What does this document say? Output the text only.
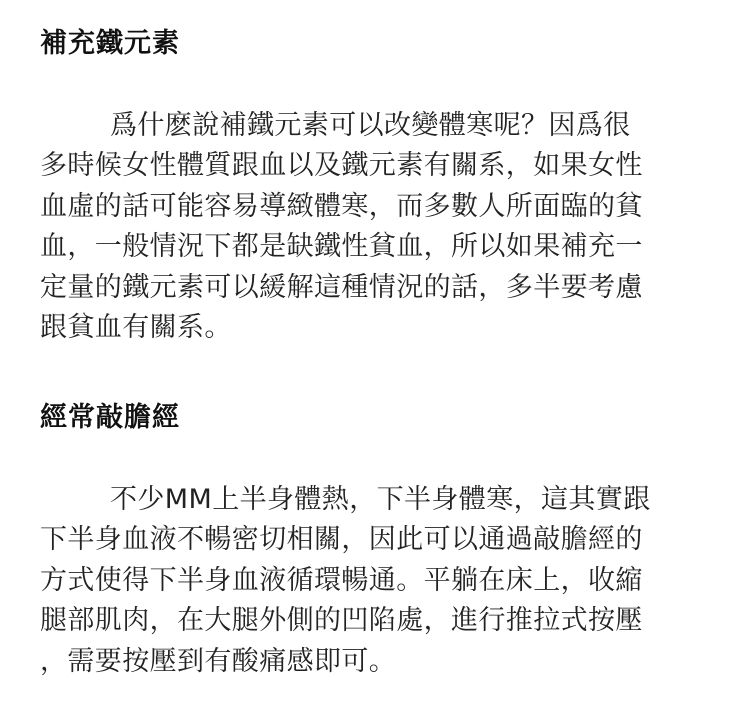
補充鐵元素

爲什麽說補鐵元素可以改變體寒呢？因爲很
多時候女性體質跟血以及鐵元素有關系，如果女性
血虛的話可能容易導緻體寒，而多數人所面臨的貧
血，一般情況下都是缺鐵性貧血，所以如果補充一
定量的鐵元素可以緩解這種情況的話，多半要考慮
跟貧血有關系。

經常敲膽經

不少MM上半身體熱，下半身體寒，這其實跟
下半身血液不暢密切相關，因此可以通過敲膽經的
方式使得下半身血液循環暢通。平躺在床上，收縮
腿部肌肉，在大腿外側的凹陷處，進行推拉式按壓
，需要按壓到有酸痛感即可。
